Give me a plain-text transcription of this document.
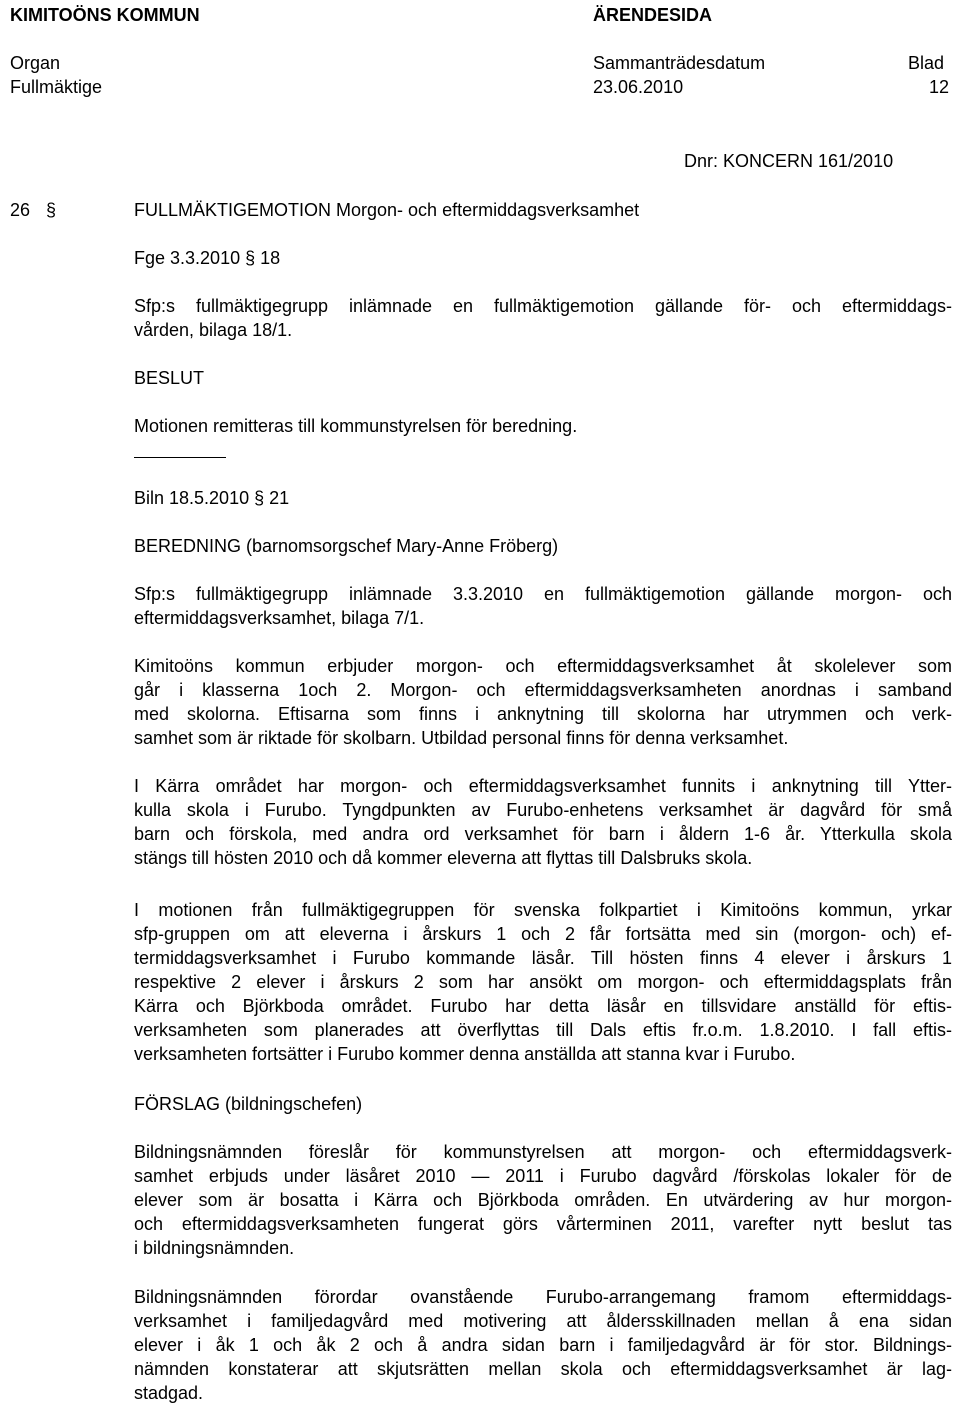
KIMITOÖNS KOMMUN	ÄRENDESIDA
Organ	Sammanträdesdatum	Blad
Fullmäktige	23.06.2010	12
Dnr: KONCERN 161/2010
26 §	FULLMÄKTIGEMOTION Morgon- och eftermiddagsverksamhet
Fge 3.3.2010 § 18
Sfp:s fullmäktigegrupp inlämnade en fullmäktigemotion gällande för- och eftermiddags-
vården, bilaga 18/1.
BESLUT
Motionen remitteras till kommunstyrelsen för beredning.
Biln 18.5.2010 § 21
BEREDNING (barnomsorgschef Mary-Anne Fröberg)
Sfp:s fullmäktigegrupp inlämnade 3.3.2010 en fullmäktigemotion gällande morgon- och
eftermiddagsverksamhet, bilaga 7/1.
Kimitoöns kommun erbjuder morgon- och eftermiddagsverksamhet åt skolelever som
går i klasserna 1och 2. Morgon- och eftermiddagsverksamheten anordnas i samband
med skolorna. Eftisarna som finns i anknytning till skolorna har utrymmen och verk-
samhet som är riktade för skolbarn. Utbildad personal finns för denna verksamhet.
I Kärra området har morgon- och eftermiddagsverksamhet funnits i anknytning till Ytter-
kulla skola i Furubo. Tyngdpunkten av Furubo-enhetens verksamhet är dagvård för små
barn och förskola, med andra ord verksamhet för barn i åldern 1-6 år. Ytterkulla skola
stängs till hösten 2010 och då kommer eleverna att flyttas till Dalsbruks skola.
I motionen från fullmäktigegruppen för svenska folkpartiet i Kimitoöns kommun, yrkar
sfp-gruppen om att eleverna i årskurs 1 och 2 får fortsätta med sin (morgon- och) ef-
termiddagsverksamhet i Furubo kommande läsår. Till hösten finns 4 elever i årskurs 1
respektive 2 elever i årskurs 2 som har ansökt om morgon- och eftermiddagsplats från
Kärra och Björkboda området. Furubo har detta läsår en tillsvidare anställd för eftis-
verksamheten som planerades att överflyttas till Dals eftis fr.o.m. 1.8.2010. I fall eftis-
verksamheten fortsätter i Furubo kommer denna anställda att stanna kvar i Furubo.
FÖRSLAG (bildningschefen)
Bildningsnämnden föreslår för kommunstyrelsen att morgon- och eftermiddagsverk-
samhet erbjuds under läsåret 2010 — 2011 i Furubo dagvård /förskolas lokaler för de
elever som är bosatta i Kärra och Björkboda områden. En utvärdering av hur morgon-
och eftermiddagsverksamheten fungerat görs vårterminen 2011, varefter nytt beslut tas
i bildningsnämnden.
Bildningsnämnden förordar ovanstående Furubo-arrangemang framom eftermiddags-
verksamhet i familjedagvård med motivering att åldersskillnaden mellan å ena sidan
elever i åk 1 och åk 2 och å andra sidan barn i familjedagvård är för stor. Bildnings-
nämnden konstaterar att skjutsrätten mellan skola och eftermiddagsverksamhet är lag-
stadgad.
